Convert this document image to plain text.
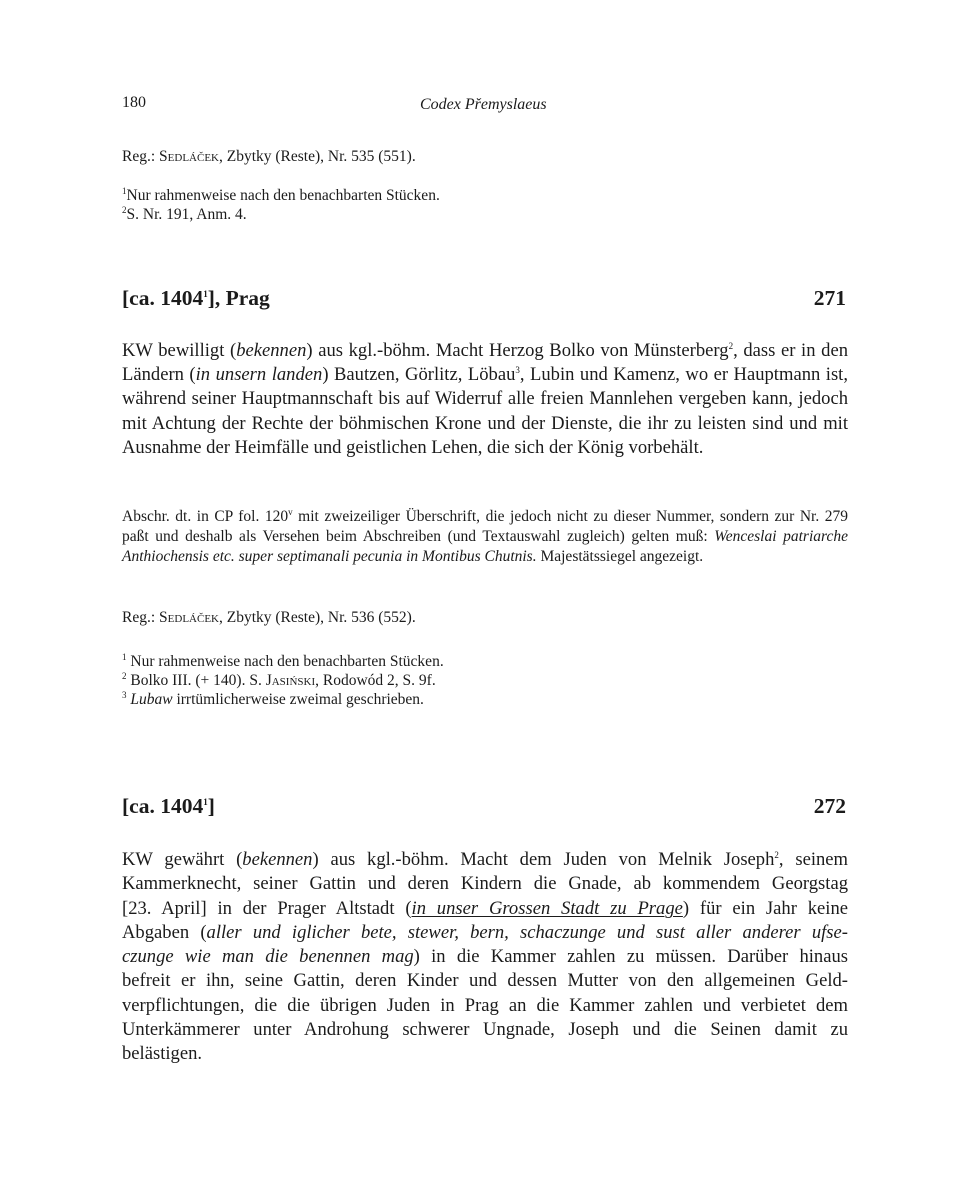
180	Codex Přemyslaeus
Reg.: Sedláček, Zbytky (Reste), Nr. 535 (551).
$^1$Nur rahmenweise nach den benachbarten Stücken.
$^2$S. Nr. 191, Anm. 4.
[ca. 1404$^1$], Prag	271
KW bewilligt (bekennen) aus kgl.-böhm. Macht Herzog Bolko von Münsterberg$^2$, dass er in den Ländern (in unsern landen) Bautzen, Görlitz, Löbau$^3$, Lubin und Kamenz, wo er Hauptmann ist, während seiner Hauptmannschaft bis auf Widerruf alle freien Mannlehen vergeben kann, jedoch mit Achtung der Rechte der böhmischen Krone und der Dienste, die ihr zu leisten sind und mit Ausnahme der Heimfälle und geistlichen Lehen, die sich der König vorbehält.
Abschr. dt. in CP fol. 120$^v$ mit zweizeiliger Überschrift, die jedoch nicht zu dieser Nummer, sondern zur Nr. 279 paßt und deshalb als Versehen beim Abschreiben (und Textauswahl zugleich) gelten muß: Wenceslai patriarche Anthiochensis etc. super septimanali pecunia in Montibus Chutnis. Majestätssiegel angezeigt.
Reg.: Sedláček, Zbytky (Reste), Nr. 536 (552).
$^1$ Nur rahmenweise nach den benachbarten Stücken.
$^2$ Bolko III. (+ 140). S. Jasiński, Rodowód 2, S. 9f.
$^3$ Lubaw irrtümlicherweise zweimal geschrieben.
[ca. 1404$^1$]	272

KW gewährt (bekennen) aus kgl.-böhm. Macht dem Juden von Melnik Joseph$^2$, seinem

Kammerknecht, seiner Gattin und deren Kindern die Gnade, ab kommendem Georgstag

[23. April] in der Prager Altstadt (in unser Grossen Stadt zu Prage) für ein Jahr keine

Abgaben (aller und iglicher bete, stewer, bern, schaczunge und sust aller anderer ufse-

czunge wie man die benennen mag) in die Kammer zahlen zu müssen. Darüber hinaus

befreit er ihn, seine Gattin, deren Kinder und dessen Mutter von den allgemeinen Geld-

verpflichtungen, die die übrigen Juden in Prag an die Kammer zahlen und verbietet dem

Unterkämmerer unter Androhung schwerer Ungnade, Joseph und die Seinen damit zu

belästigen.
